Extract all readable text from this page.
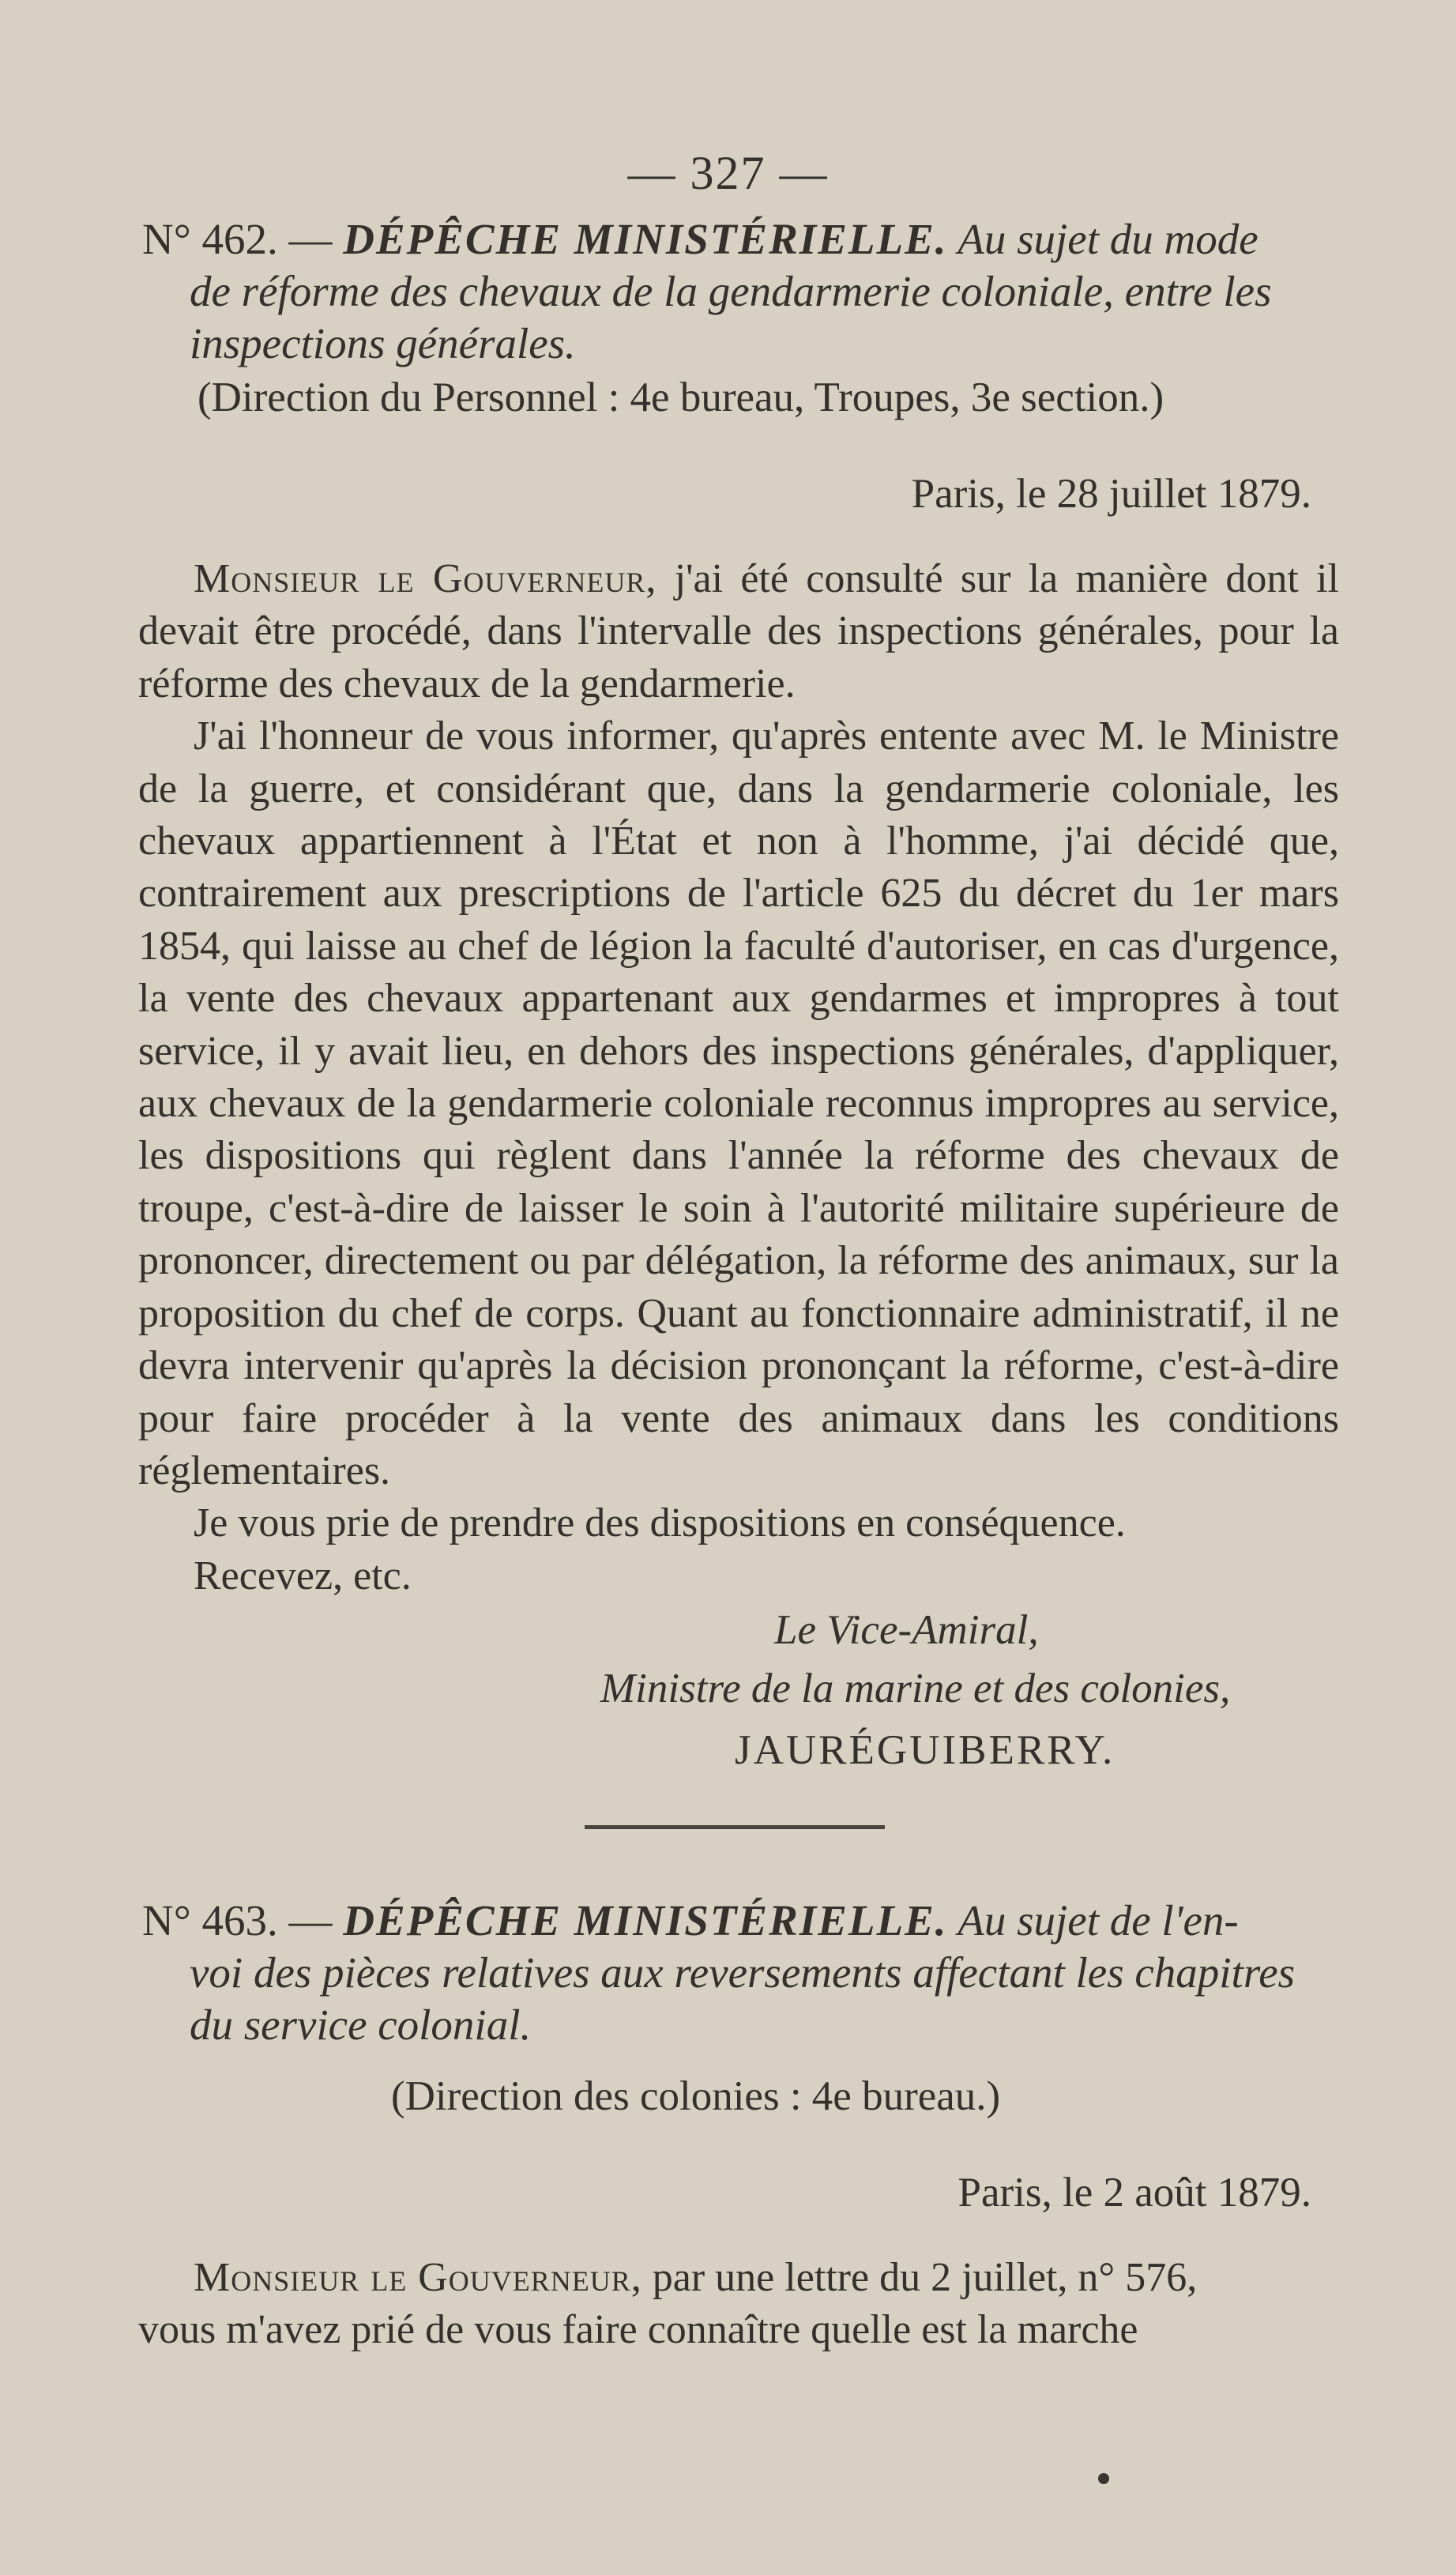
— 327 —
N° 462. — DÉPÊCHE MINISTÉRIELLE. Au sujet du mode
de réforme des chevaux de la gendarmerie coloniale, entre les
inspections générales.
(Direction du Personnel : 4e bureau, Troupes, 3e section.)
Paris, le 28 juillet 1879.

Monsieur le Gouverneur, j'ai été consulté sur la manière dont il devait être procédé, dans l'intervalle des inspections générales, pour la réforme des chevaux de la gendarmerie.

J'ai l'honneur de vous informer, qu'après entente avec M. le Ministre de la guerre, et considérant que, dans la gendarmerie coloniale, les chevaux appartiennent à l'État et non à l'homme, j'ai décidé que, contrairement aux prescriptions de l'article 625 du décret du 1er mars 1854, qui laisse au chef de légion la faculté d'autoriser, en cas d'urgence, la vente des chevaux appartenant aux gendarmes et impropres à tout service, il y avait lieu, en dehors des inspections générales, d'appliquer, aux chevaux de la gendarmerie coloniale reconnus impropres au service, les dispositions qui règlent dans l'année la réforme des chevaux de troupe, c'est-à-dire de laisser le soin à l'autorité militaire supérieure de prononcer, directement ou par délégation, la réforme des animaux, sur la proposition du chef de corps. Quant au fonctionnaire administratif, il ne devra intervenir qu'après la décision prononçant la réforme, c'est-à-dire pour faire procéder à la vente des animaux dans les conditions réglementaires.

Je vous prie de prendre des dispositions en conséquence.

Recevez, etc.

Le Vice-Amiral,
Ministre de la marine et des colonies,
JAURÉGUIBERRY.
N° 463. — DÉPÊCHE MINISTÉRIELLE. Au sujet de l'en-
voi des pièces relatives aux reversements affectant les chapitres
du service colonial.
(Direction des colonies : 4e bureau.)
Paris, le 2 août 1879.

Monsieur le Gouverneur, par une lettre du 2 juillet, n° 576,

vous m'avez prié de vous faire connaître quelle est la marche
